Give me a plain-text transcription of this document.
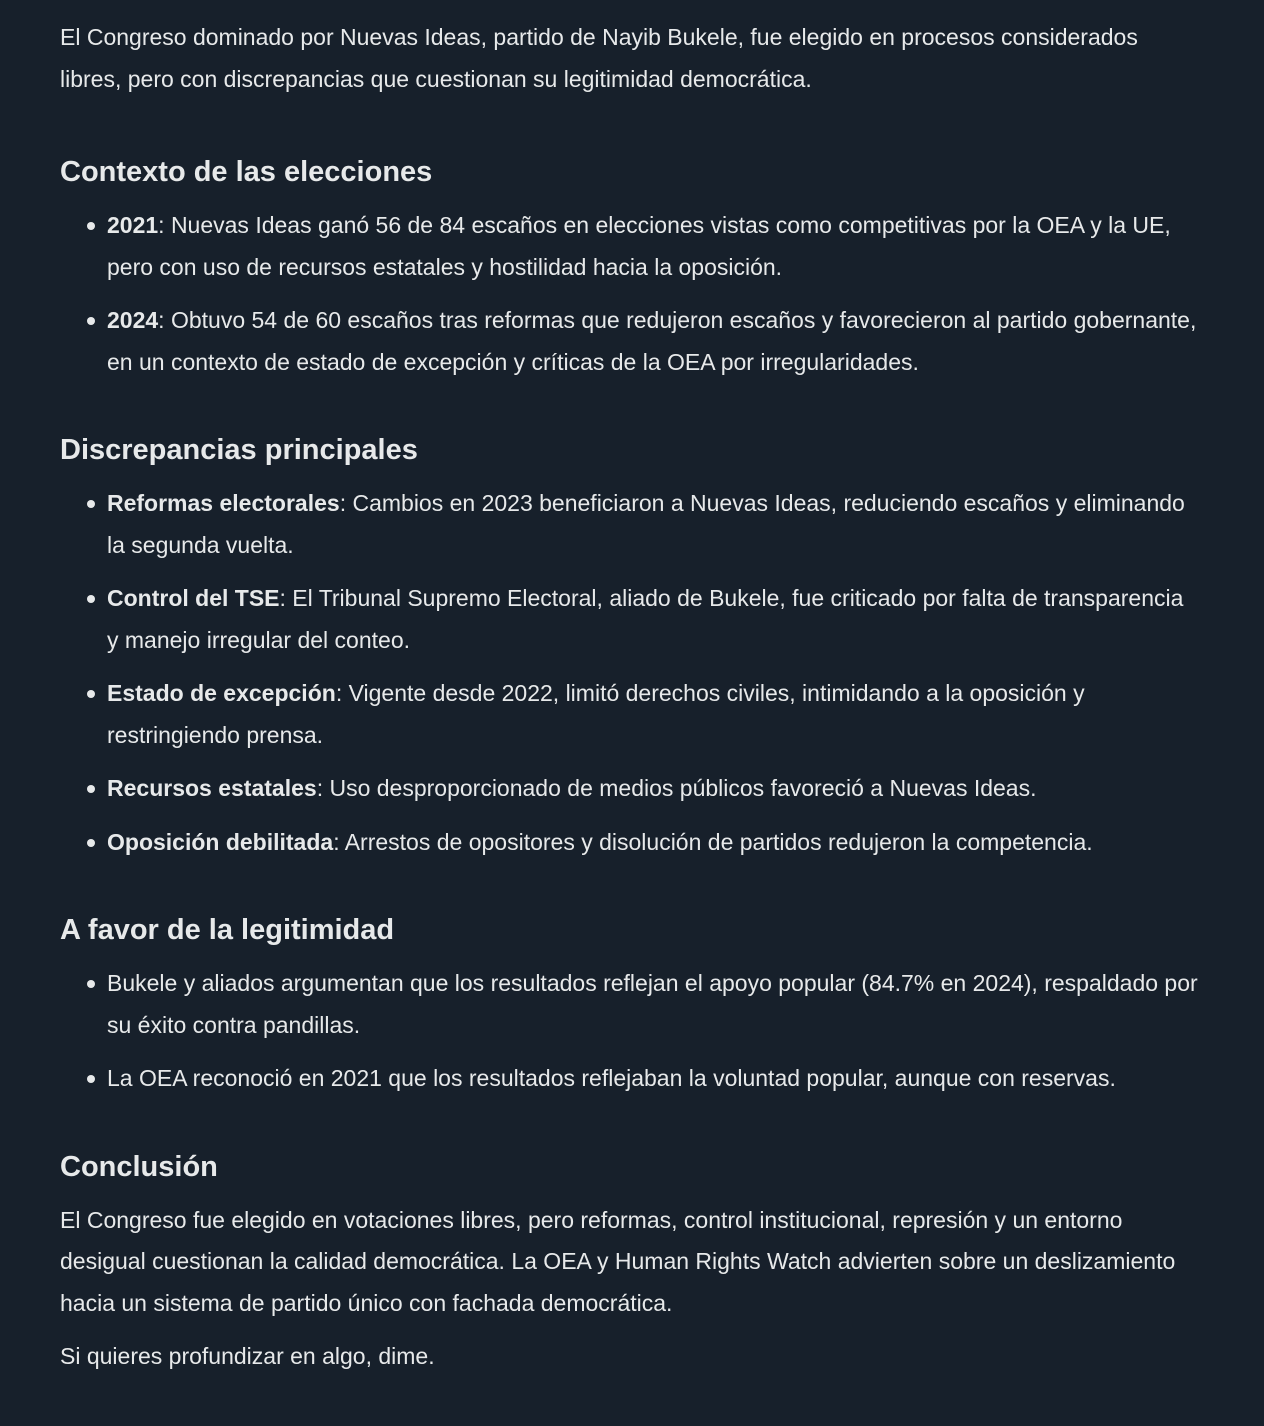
El Congreso dominado por Nuevas Ideas, partido de Nayib Bukele, fue elegido en procesos considerados libres, pero con discrepancias que cuestionan su legitimidad democrática.

Contexto de las elecciones
2021: Nuevas Ideas ganó 56 de 84 escaños en elecciones vistas como competitivas por la OEA y la UE, pero con uso de recursos estatales y hostilidad hacia la oposición.
2024: Obtuvo 54 de 60 escaños tras reformas que redujeron escaños y favorecieron al partido gobernante, en un contexto de estado de excepción y críticas de la OEA por irregularidades.
Discrepancias principales
Reformas electorales: Cambios en 2023 beneficiaron a Nuevas Ideas, reduciendo escaños y eliminando la segunda vuelta.
Control del TSE: El Tribunal Supremo Electoral, aliado de Bukele, fue criticado por falta de transparencia y manejo irregular del conteo.
Estado de excepción: Vigente desde 2022, limitó derechos civiles, intimidando a la oposición y restringiendo prensa.
Recursos estatales: Uso desproporcionado de medios públicos favoreció a Nuevas Ideas.
Oposición debilitada: Arrestos de opositores y disolución de partidos redujeron la competencia.
A favor de la legitimidad
Bukele y aliados argumentan que los resultados reflejan el apoyo popular (84.7% en 2024), respaldado por su éxito contra pandillas.
La OEA reconoció en 2021 que los resultados reflejaban la voluntad popular, aunque con reservas.
Conclusión

El Congreso fue elegido en votaciones libres, pero reformas, control institucional, represión y un entorno desigual cuestionan la calidad democrática. La OEA y Human Rights Watch advierten sobre un deslizamiento hacia un sistema de partido único con fachada democrática.

Si quieres profundizar en algo, dime.
